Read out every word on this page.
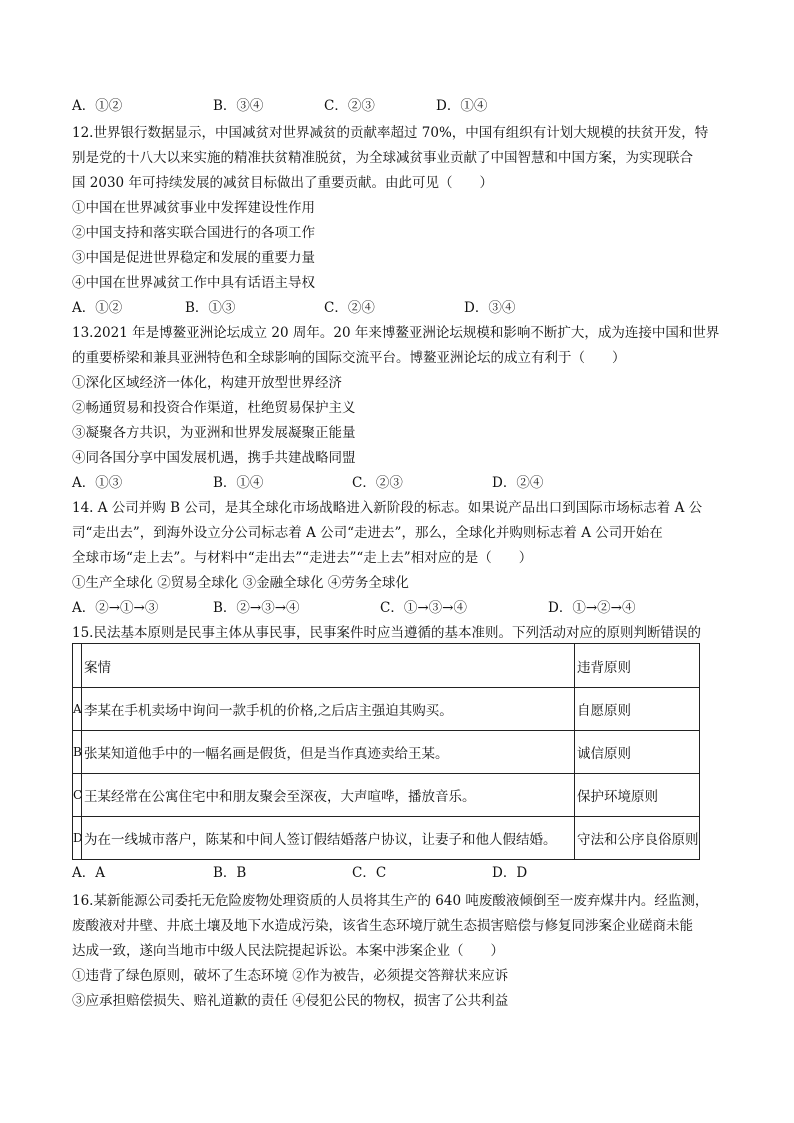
A．①②	B．③④	C．②③	D．①④
12.世界银行数据显示，中国减贫对世界减贫的贡献率超过 70%，中国有组织有计划大规模的扶贫开发，特
别是党的十八大以来实施的精准扶贫精准脱贫，为全球减贫事业贡献了中国智慧和中国方案，为实现联合
国 2030 年可持续发展的减贫目标做出了重要贡献。由此可见（　　）
①中国在世界减贫事业中发挥建设性作用
②中国支持和落实联合国进行的各项工作
③中国是促进世界稳定和发展的重要力量
④中国在世界减贫工作中具有话语主导权
A．①②	B．①③	C．②④	D．③④
13.2021 年是博鳌亚洲论坛成立 20 周年。20 年来博鳌亚洲论坛规模和影响不断扩大，成为连接中国和世界
的重要桥梁和兼具亚洲特色和全球影响的国际交流平台。博鳌亚洲论坛的成立有利于（　　）
①深化区域经济一体化，构建开放型世界经济
②畅通贸易和投资合作渠道，杜绝贸易保护主义
③凝聚各方共识，为亚洲和世界发展凝聚正能量
④同各国分享中国发展机遇，携手共建战略同盟
A．①③	B．①④	C．②③	D．②④
14. A 公司并购 B 公司，是其全球化市场战略进入新阶段的标志。如果说产品出口到国际市场标志着 A 公
司“走出去”，到海外设立分公司标志着 A 公司“走进去”，那么，全球化并购则标志着 A 公司开始在
全球市场“走上去”。与材料中“走出去”“走进去”“走上去”相对应的是（　　）
①生产全球化 ②贸易全球化 ③金融全球化 ④劳务全球化
A．②→①→③	B．②→③→④	C．①→③→④	D．①→②→④
15.民法基本原则是民事主体从事民事，民事案件时应当遵循的基本准则。下列活动对应的原则判断错误的
	案情	违背原则
A	李某在手机卖场中询问一款手机的价格,之后店主强迫其购买。	自愿原则
B	张某知道他手中的一幅名画是假货，但是当作真迹卖给王某。	诚信原则
C	王某经常在公寓住宅中和朋友聚会至深夜，大声喧哗，播放音乐。	保护环境原则
D	为在一线城市落户，陈某和中间人签订假结婚落户协议，让妻子和他人假结婚。	守法和公序良俗原则
A．A	B．B	C．C	D．D
16.某新能源公司委托无危险废物处理资质的人员将其生产的 640 吨废酸液倾倒至一废弃煤井内。经监测，
废酸液对井壁、井底土壤及地下水造成污染，该省生态环境厅就生态损害赔偿与修复同涉案企业磋商未能
达成一致，遂向当地市中级人民法院提起诉讼。本案中涉案企业（　　）
①违背了绿色原则，破坏了生态环境 ②作为被告，必须提交答辩状来应诉
③应承担赔偿损失、赔礼道歉的责任 ④侵犯公民的物权，损害了公共利益
